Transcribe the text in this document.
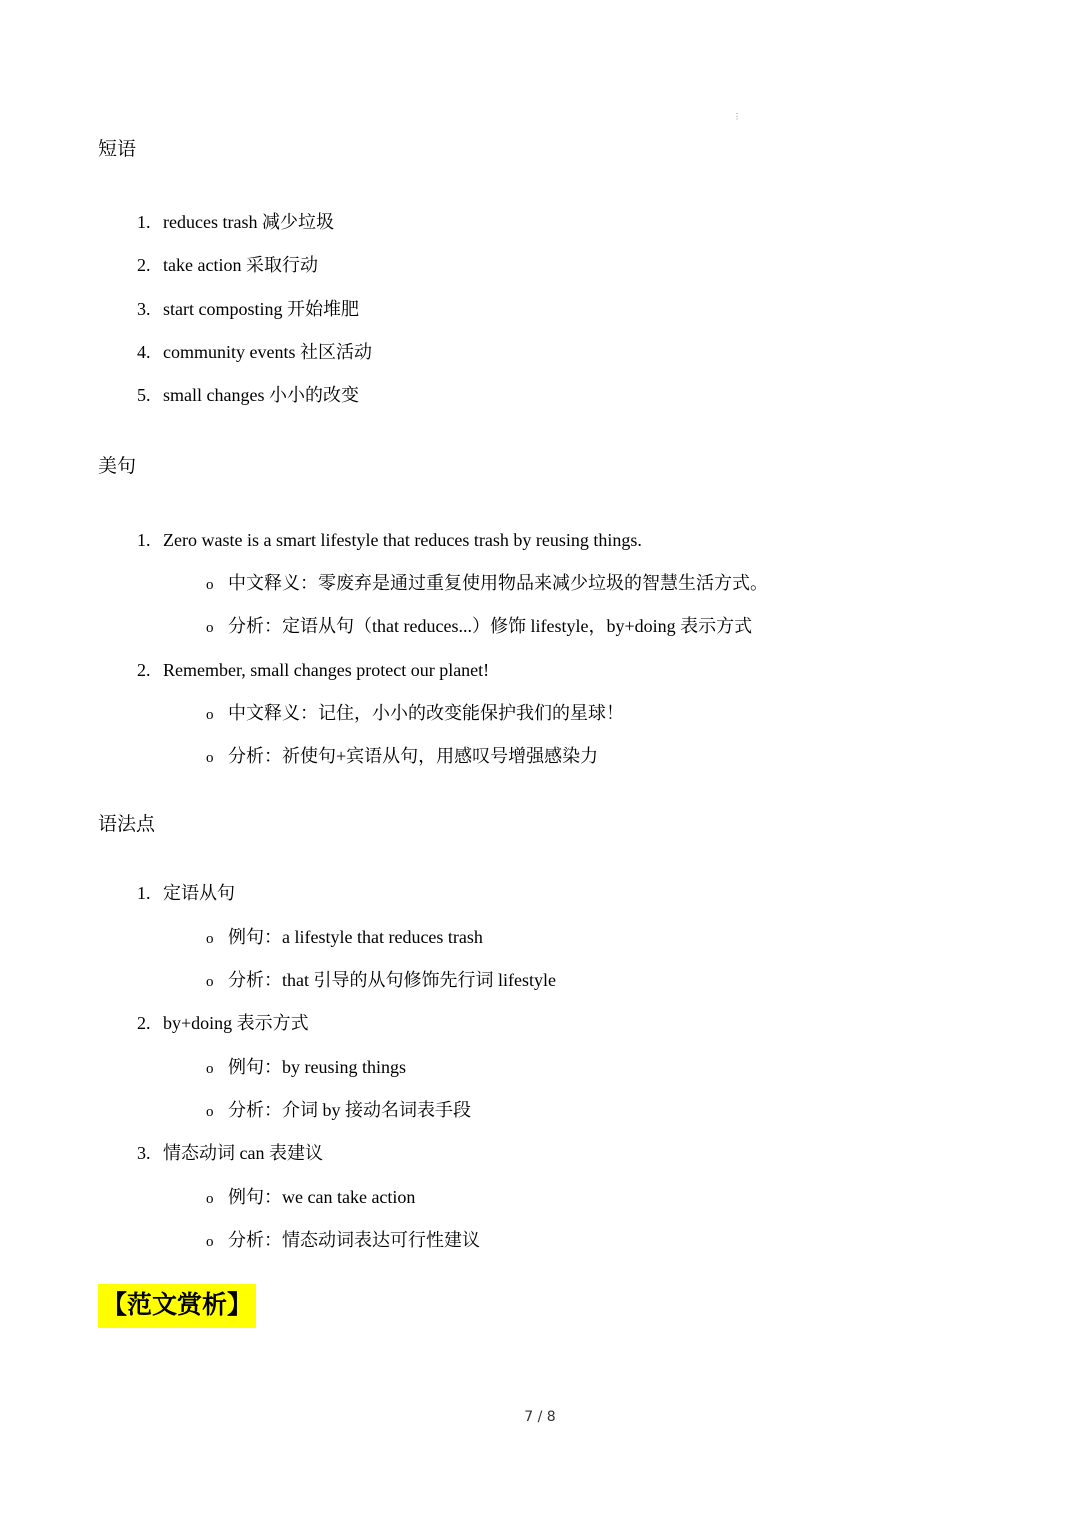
⋮
短语
1. reduces trash 减少垃圾
2. take action 采取行动
3. start composting 开始堆肥
4. community events 社区活动
5. small changes 小小的改变
美句
1. Zero waste is a smart lifestyle that reduces trash by reusing things.
o 中文释义：零废弃是通过重复使用物品来减少垃圾的智慧生活方式。
o 分析：定语从句（that reduces...）修饰 lifestyle，by+doing 表示方式
2. Remember, small changes protect our planet!
o 中文释义：记住，小小的改变能保护我们的星球！
o 分析：祈使句+宾语从句，用感叹号增强感染力
语法点
1. 定语从句
o 例句：a lifestyle that reduces trash
o 分析：that 引导的从句修饰先行词 lifestyle
2. by+doing 表示方式
o 例句：by reusing things
o 分析：介词 by 接动名词表手段
3. 情态动词 can 表建议
o 例句：we can take action
o 分析：情态动词表达可行性建议
【范文赏析】
7 / 8
